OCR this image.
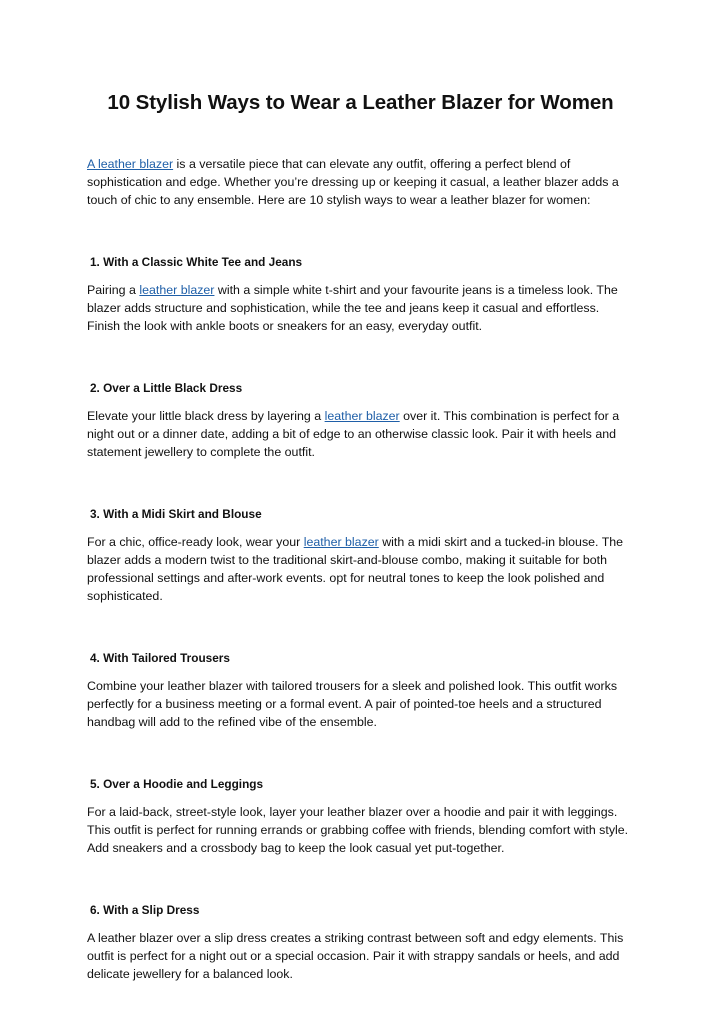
10 Stylish Ways to Wear a Leather Blazer for Women

A leather blazer is a versatile piece that can elevate any outfit, offering a perfect blend of sophistication and edge. Whether you’re dressing up or keeping it casual, a leather blazer adds a touch of chic to any ensemble. Here are 10 stylish ways to wear a leather blazer for women:

1. With a Classic White Tee and Jeans

Pairing a leather blazer with a simple white t-shirt and your favourite jeans is a timeless look. The blazer adds structure and sophistication, while the tee and jeans keep it casual and effortless. Finish the look with ankle boots or sneakers for an easy, everyday outfit.

2. Over a Little Black Dress

Elevate your little black dress by layering a leather blazer over it. This combination is perfect for a night out or a dinner date, adding a bit of edge to an otherwise classic look. Pair it with heels and statement jewellery to complete the outfit.

3. With a Midi Skirt and Blouse

For a chic, office-ready look, wear your leather blazer with a midi skirt and a tucked-in blouse. The blazer adds a modern twist to the traditional skirt-and-blouse combo, making it suitable for both professional settings and after-work events. opt for neutral tones to keep the look polished and sophisticated.

4. With Tailored Trousers

Combine your leather blazer with tailored trousers for a sleek and polished look. This outfit works perfectly for a business meeting or a formal event. A pair of pointed-toe heels and a structured handbag will add to the refined vibe of the ensemble.

5. Over a Hoodie and Leggings

For a laid-back, street-style look, layer your leather blazer over a hoodie and pair it with leggings. This outfit is perfect for running errands or grabbing coffee with friends, blending comfort with style. Add sneakers and a crossbody bag to keep the look casual yet put-together.

6. With a Slip Dress

A leather blazer over a slip dress creates a striking contrast between soft and edgy elements. This outfit is perfect for a night out or a special occasion. Pair it with strappy sandals or heels, and add delicate jewellery for a balanced look.
